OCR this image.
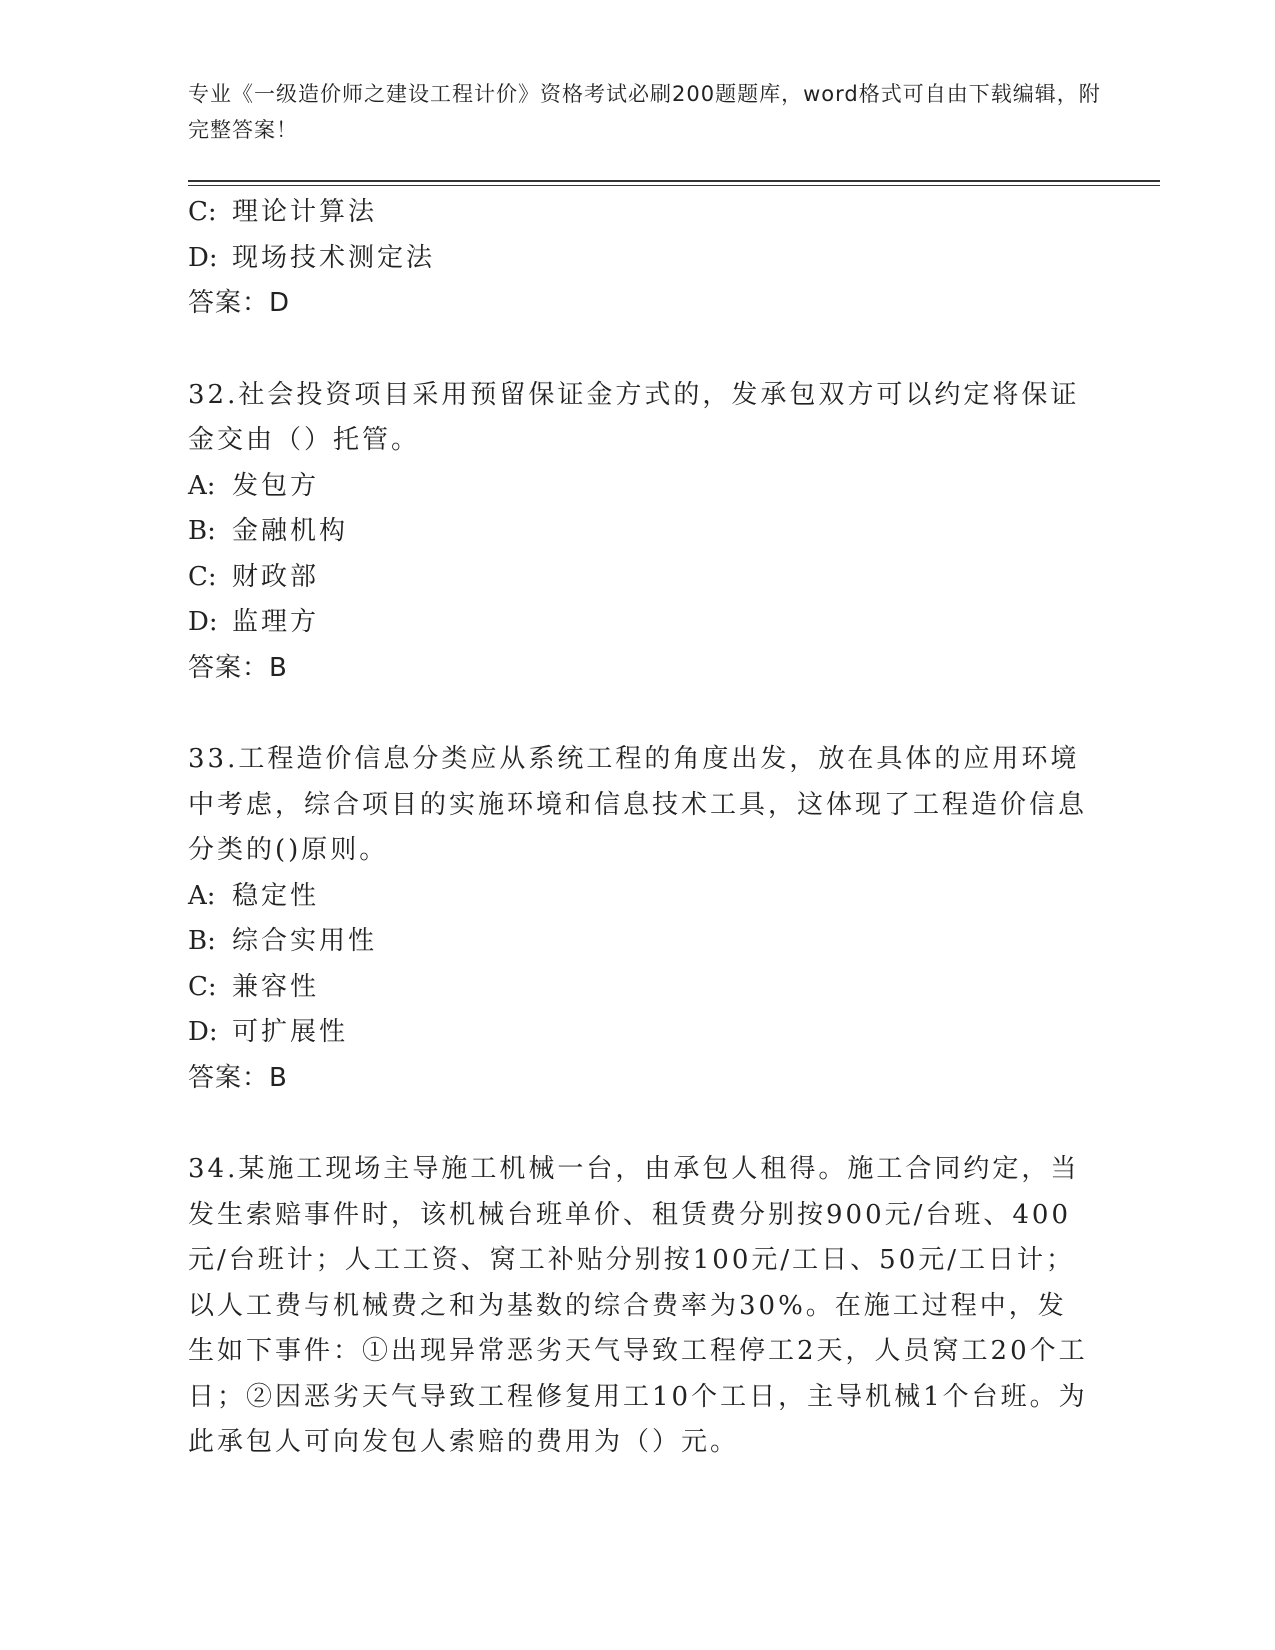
专业《一级造价师之建设工程计价》资格考试必刷200题题库，word格式可自由下载编辑，附完整答案！

C: 理论计算法

D: 现场技术测定法

答案：D

32.社会投资项目采用预留保证金方式的，发承包双方可以约定将保证金交由（）托管。

A: 发包方

B: 金融机构

C: 财政部

D: 监理方

答案：B

33.工程造价信息分类应从系统工程的角度出发，放在具体的应用环境中考虑，综合项目的实施环境和信息技术工具，这体现了工程造价信息分类的()原则。

A: 稳定性

B: 综合实用性

C: 兼容性

D: 可扩展性

答案：B

34.某施工现场主导施工机械一台，由承包人租得。施工合同约定，当发生索赔事件时，该机械台班单价、租赁费分别按900元/台班、400元/台班计；人工工资、窝工补贴分别按100元/工日、50元/工日计；以人工费与机械费之和为基数的综合费率为30%。在施工过程中，发生如下事件：①出现异常恶劣天气导致工程停工2天，人员窝工20个工日；②因恶劣天气导致工程修复用工10个工日，主导机械1个台班。为此承包人可向发包人索赔的费用为（）元。
